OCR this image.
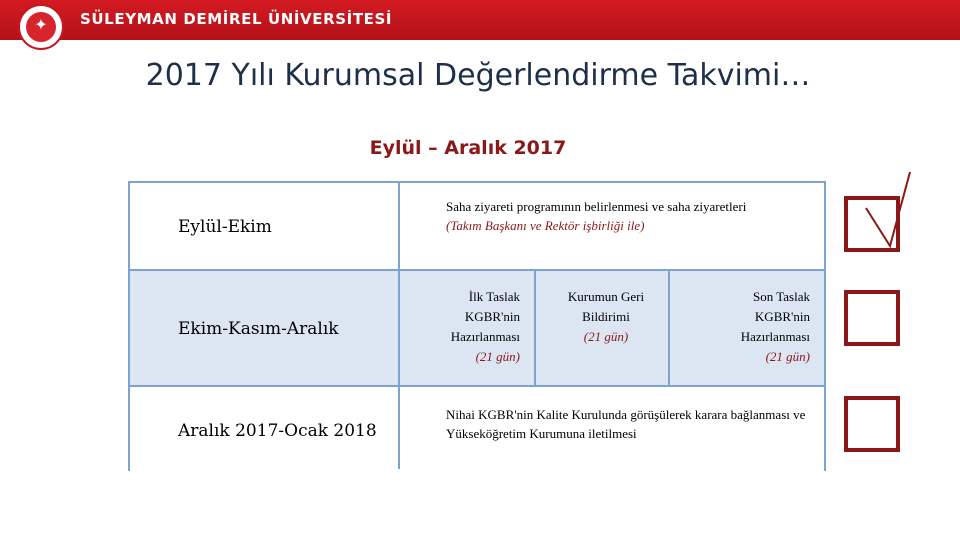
✦	SÜLEYMAN DEMİREL ÜNİVERSİTESİ
2017 Yılı Kurumsal Değerlendirme Takvimi…
Eylül – Aralık 2017
Eylül-Ekim
Saha ziyareti programının belirlenmesi ve saha ziyaretleri
(Takım Başkanı ve Rektör işbirliği ile)
Ekim-Kasım-Aralık
İlk Taslak KGBR'nin Hazırlanması
(21 gün)
Kurumun Geri Bildirimi
(21 gün)
Son Taslak KGBR'nin Hazırlanması
(21 gün)
Aralık 2017-Ocak 2018
Nihai KGBR'nin Kalite Kurulunda görüşülerek karara bağlanması ve Yükseköğretim Kurumuna iletilmesi
